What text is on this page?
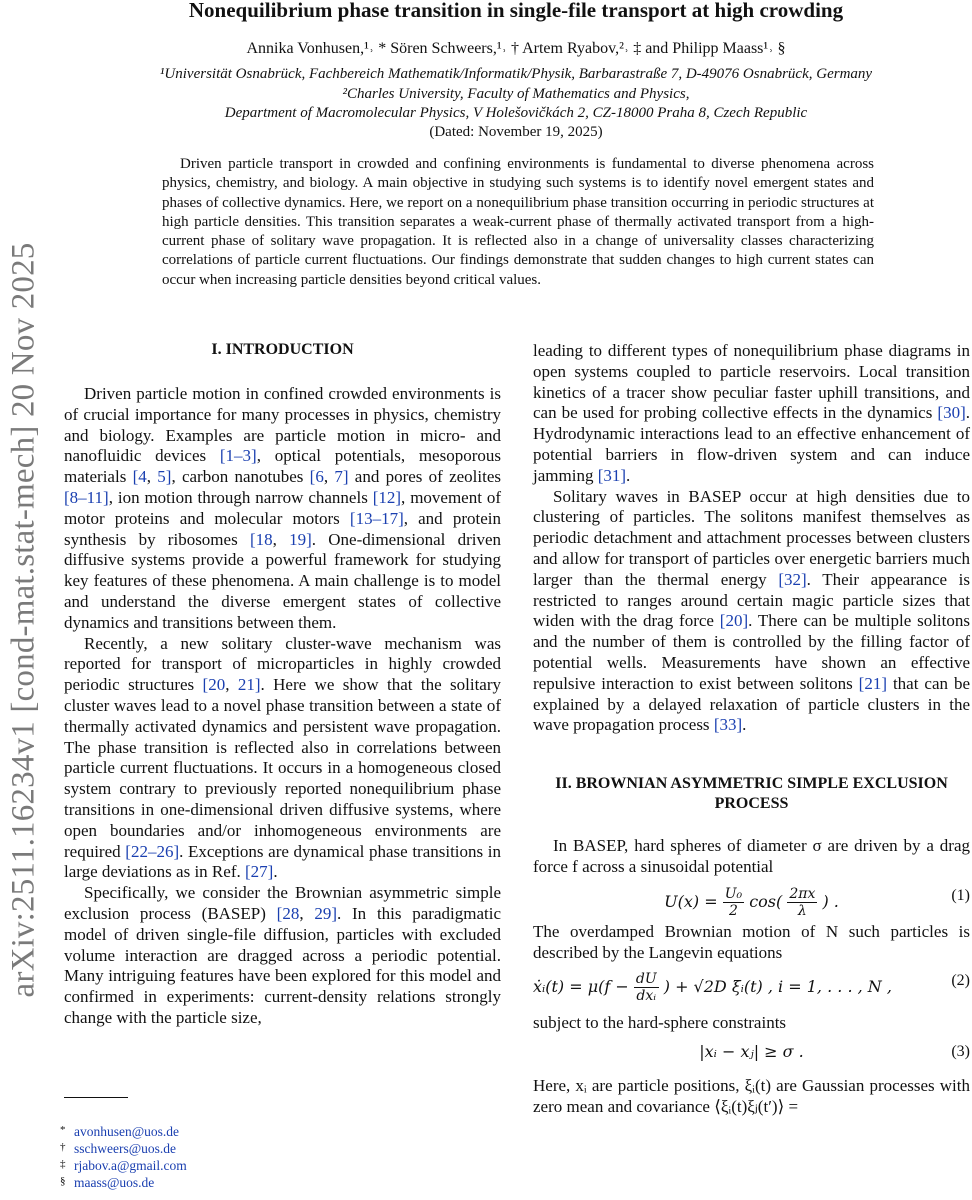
arXiv:2511.16234v1 [cond-mat.stat-mech] 20 Nov 2025
Nonequilibrium phase transition in single-file transport at high crowding
Annika Vonhusen,¹˒ * Sören Schweers,¹˒ † Artem Ryabov,²˒ ‡ and Philipp Maass¹˒ §
¹Universität Osnabrück, Fachbereich Mathematik/Informatik/Physik, Barbarastraße 7, D-49076 Osnabrück, Germany
²Charles University, Faculty of Mathematics and Physics,
Department of Macromolecular Physics, V Holešovičkách 2, CZ-18000 Praha 8, Czech Republic
(Dated: November 19, 2025)
Driven particle transport in crowded and confining environments is fundamental to diverse phenomena across physics, chemistry, and biology. A main objective in studying such systems is to identify novel emergent states and phases of collective dynamics. Here, we report on a nonequilibrium phase transition occurring in periodic structures at high particle densities. This transition separates a weak-current phase of thermally activated transport from a high-current phase of solitary wave propagation. It is reflected also in a change of universality classes characterizing correlations of particle current fluctuations. Our findings demonstrate that sudden changes to high current states can occur when increasing particle densities beyond critical values.
I. INTRODUCTION

Driven particle motion in confined crowded environments is of crucial importance for many processes in physics, chemistry and biology. Examples are particle motion in micro- and nanofluidic devices [1–3], optical potentials, mesoporous materials [4, 5], carbon nanotubes [6, 7] and pores of zeolites [8–11], ion motion through narrow channels [12], movement of motor proteins and molecular motors [13–17], and protein synthesis by ribosomes [18, 19]. One-dimensional driven diffusive systems provide a powerful framework for studying key features of these phenomena. A main challenge is to model and understand the diverse emergent states of collective dynamics and transitions between them.

Recently, a new solitary cluster-wave mechanism was reported for transport of microparticles in highly crowded periodic structures [20, 21]. Here we show that the solitary cluster waves lead to a novel phase transition between a state of thermally activated dynamics and persistent wave propagation. The phase transition is reflected also in correlations between particle current fluctuations. It occurs in a homogeneous closed system contrary to previously reported nonequilibrium phase transitions in one-dimensional driven diffusive systems, where open boundaries and/or inhomogeneous environments are required [22–26]. Exceptions are dynamical phase transitions in large deviations as in Ref. [27].

Specifically, we consider the Brownian asymmetric simple exclusion process (BASEP) [28, 29]. In this paradigmatic model of driven single-file diffusion, particles with excluded volume interaction are dragged across a periodic potential. Many intriguing features have been explored for this model and confirmed in experiments: current-density relations strongly change with the particle size,

* avonhusen@uos.de
† sschweers@uos.de
‡ rjabov.a@gmail.com
§ maass@uos.de

leading to different types of nonequilibrium phase diagrams in open systems coupled to particle reservoirs. Local transition kinetics of a tracer show peculiar faster uphill transitions, and can be used for probing collective effects in the dynamics [30]. Hydrodynamic interactions lead to an effective enhancement of potential barriers in flow-driven system and can induce jamming [31].

Solitary waves in BASEP occur at high densities due to clustering of particles. The solitons manifest themselves as periodic detachment and attachment processes between clusters and allow for transport of particles over energetic barriers much larger than the thermal energy [32]. Their appearance is restricted to ranges around certain magic particle sizes that widen with the drag force [20]. There can be multiple solitons and the number of them is controlled by the filling factor of potential wells. Measurements have shown an effective repulsive interaction to exist between solitons [21] that can be explained by a delayed relaxation of particle clusters in the wave propagation process [33].

II. BROWNIAN ASYMMETRIC SIMPLE EXCLUSION PROCESS

In BASEP, hard spheres of diameter σ are driven by a drag force f across a sinusoidal potential

$U(x) = \frac{\text{U₀}}{2} \cos( \frac{2\pi x}{\lambda}$ ) .	(1)

The overdamped Brownian motion of N such particles is described by the Langevin equations

ẋᵢ(t) = $\mu(f - \frac{dU}{\text{dxᵢ}}$ ) + √2D ξᵢ(t) , i = 1, . . . , N ,	(2)

subject to the hard-sphere constraints

|xᵢ − xⱼ| ≥ σ .	(3)

Here, xᵢ are particle positions, ξᵢ(t) are Gaussian processes with zero mean and covariance ⟨ξᵢ(t)ξⱼ(t′)⟩ =
